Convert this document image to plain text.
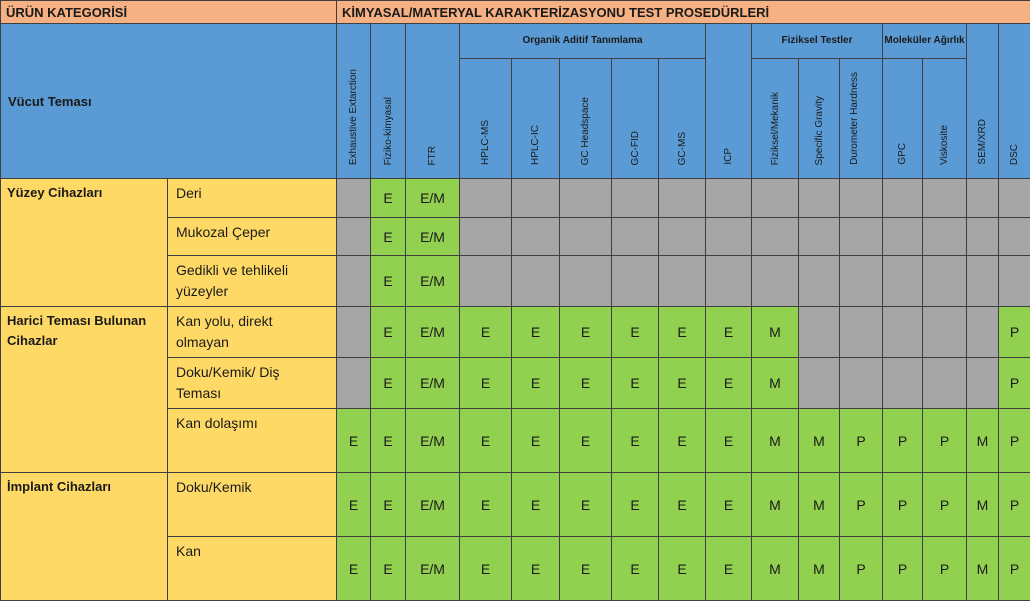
ÜRÜN KATEGORİSİ		KİMYASAL/MATERYAL KARAKTERİZASYONU TEST PROSEDÜRLERİ															
Vücut Teması		Exhaustive Extarction	Fiziko-kimyasal	FTR	Organik Aditif Tanımlama					ICP	Fiziksel Testler			Moleküler Ağırlık		SEM/XRD	DSC
					HPLC-MS	HPLC-IC	GC Headspace	GC-FID	GC-MS		Fiziksel/Mekanik	Specific Gravity	Durometer Hardness	GPC	Viskosite		
Yüzey Cihazları	Deri		E	E/M													
	Mukozal Çeper		E	E/M													
	Gedikli ve tehlikeli yüzeyler		E	E/M													
Harici Teması Bulunan Cihazlar	Kan yolu, direkt olmayan		E	E/M	E	E	E	E	E	E	M						P
	Doku/Kemik/ Diş Teması		E	E/M	E	E	E	E	E	E	M						P
	Kan dolaşımı	E	E	E/M	E	E	E	E	E	E	M	M	P	P	P	M	P
İmplant Cihazları	Doku/Kemik	E	E	E/M	E	E	E	E	E	E	M	M	P	P	P	M	P
	Kan	E	E	E/M	E	E	E	E	E	E	M	M	P	P	P	M	P
